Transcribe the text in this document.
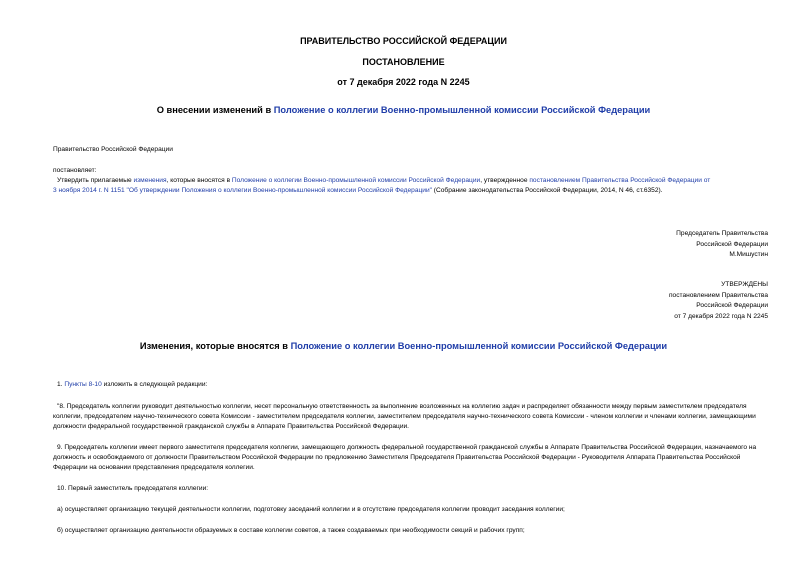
ПРАВИТЕЛЬСТВО РОССИЙСКОЙ ФЕДЕРАЦИИ
ПОСТАНОВЛЕНИЕ
от 7 декабря 2022 года N 2245
О внесении изменений в Положение о коллегии Военно-промышленной комиссии Российской Федерации
Правительство Российской Федерации
постановляет:
Утвердить прилагаемые изменения, которые вносятся в Положение о коллегии Военно-промышленной комиссии Российской Федерации, утвержденное постановлением Правительства Российской Федерации от
3 ноября 2014 г. N 1151 "Об утверждении Положения о коллегии Военно-промышленной комиссии Российской Федерации" (Собрание законодательства Российской Федерации, 2014, N 46, ст.6352).
Председатель Правительства
Российской Федерации
М.Мишустин
УТВЕРЖДЕНЫ
постановлением Правительства
Российской Федерации
от 7 декабря 2022 года N 2245
Изменения, которые вносятся в Положение о коллегии Военно-промышленной комиссии Российской Федерации
1. Пункты 8-10 изложить в следующей редакции:
"8. Председатель коллегии руководит деятельностью коллегии, несет персональную ответственность за выполнение возложенных на коллегию задач и распределяет обязанности между первым заместителем председателя коллегии, председателем научно-технического совета Комиссии - заместителем председателя коллегии, заместителем председателя научно-технического совета Комиссии - членом коллегии и членами коллегии, замещающими должности федеральной государственной гражданской службы в Аппарате Правительства Российской Федерации.
9. Председатель коллегии имеет первого заместителя председателя коллегии, замещающего должность федеральной государственной гражданской службы в Аппарате Правительства Российской Федерации, назначаемого на должность и освобождаемого от должности Правительством Российской Федерации по предложению Заместителя Председателя Правительства Российской Федерации - Руководителя Аппарата Правительства Российской Федерации на основании представления председателя коллегии.
10. Первый заместитель председателя коллегии:
а) осуществляет организацию текущей деятельности коллегии, подготовку заседаний коллегии и в отсутствие председателя коллегии проводит заседания коллегии;
б) осуществляет организацию деятельности образуемых в составе коллегии советов, а также создаваемых при необходимости секций и рабочих групп;
